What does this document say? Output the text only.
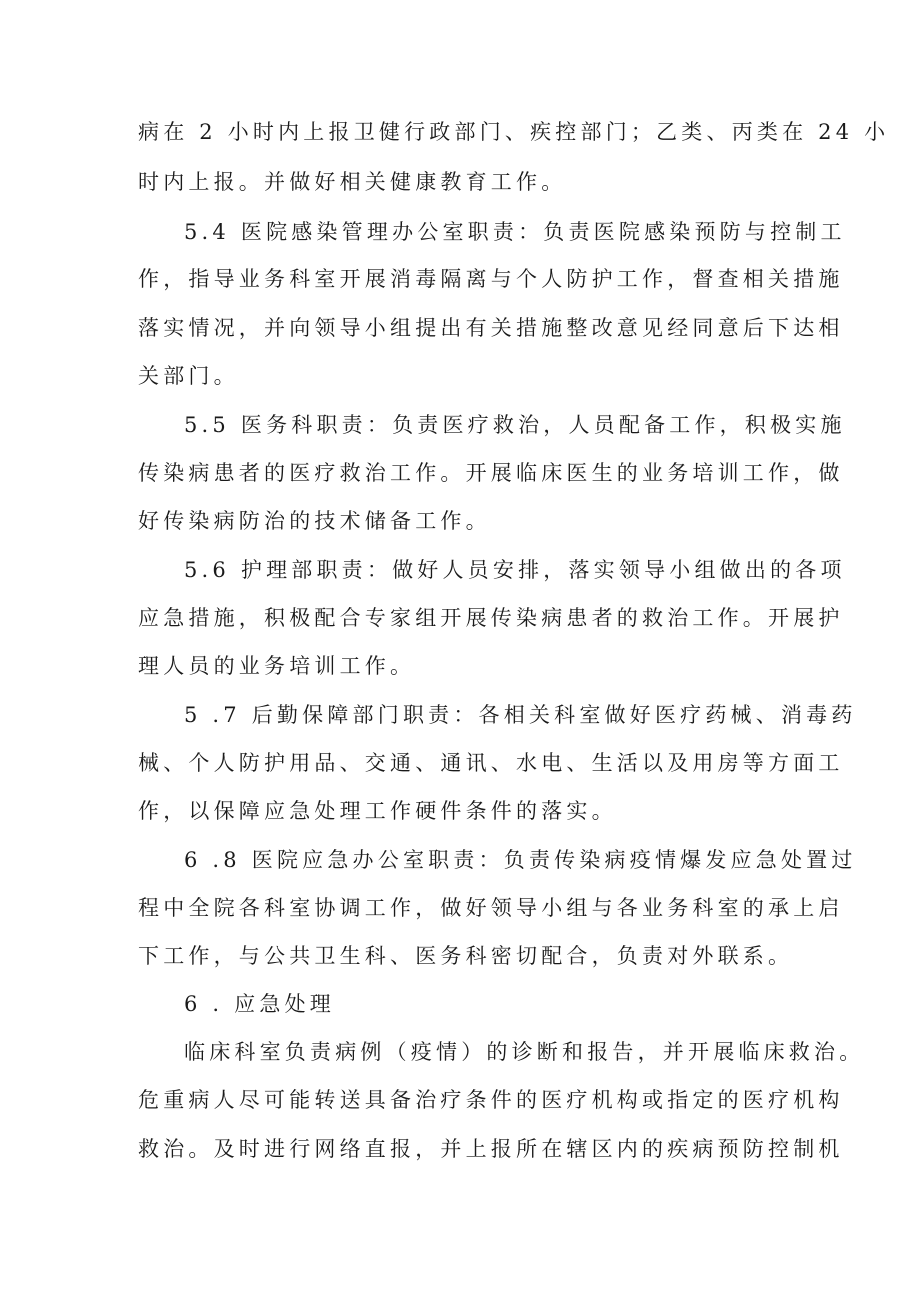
病在 2 小时内上报卫健行政部门、疾控部门；乙类、丙类在 24 小
时内上报。并做好相关健康教育工作。
5.4 医院感染管理办公室职责：负责医院感染预防与控制工
作，指导业务科室开展消毒隔离与个人防护工作，督查相关措施
落实情况，并向领导小组提出有关措施整改意见经同意后下达相
关部门。
5.5 医务科职责：负责医疗救治，人员配备工作，积极实施
传染病患者的医疗救治工作。开展临床医生的业务培训工作，做
好传染病防治的技术储备工作。
5.6 护理部职责：做好人员安排，落实领导小组做出的各项
应急措施，积极配合专家组开展传染病患者的救治工作。开展护
理人员的业务培训工作。
5 .7 后勤保障部门职责：各相关科室做好医疗药械、消毒药
械、个人防护用品、交通、通讯、水电、生活以及用房等方面工
作，以保障应急处理工作硬件条件的落实。
6 .8 医院应急办公室职责：负责传染病疫情爆发应急处置过
程中全院各科室协调工作，做好领导小组与各业务科室的承上启
下工作，与公共卫生科、医务科密切配合，负责对外联系。
6 . 应急处理
临床科室负责病例（疫情）的诊断和报告，并开展临床救治。
危重病人尽可能转送具备治疗条件的医疗机构或指定的医疗机构
救治。及时进行网络直报，并上报所在辖区内的疾病预防控制机
